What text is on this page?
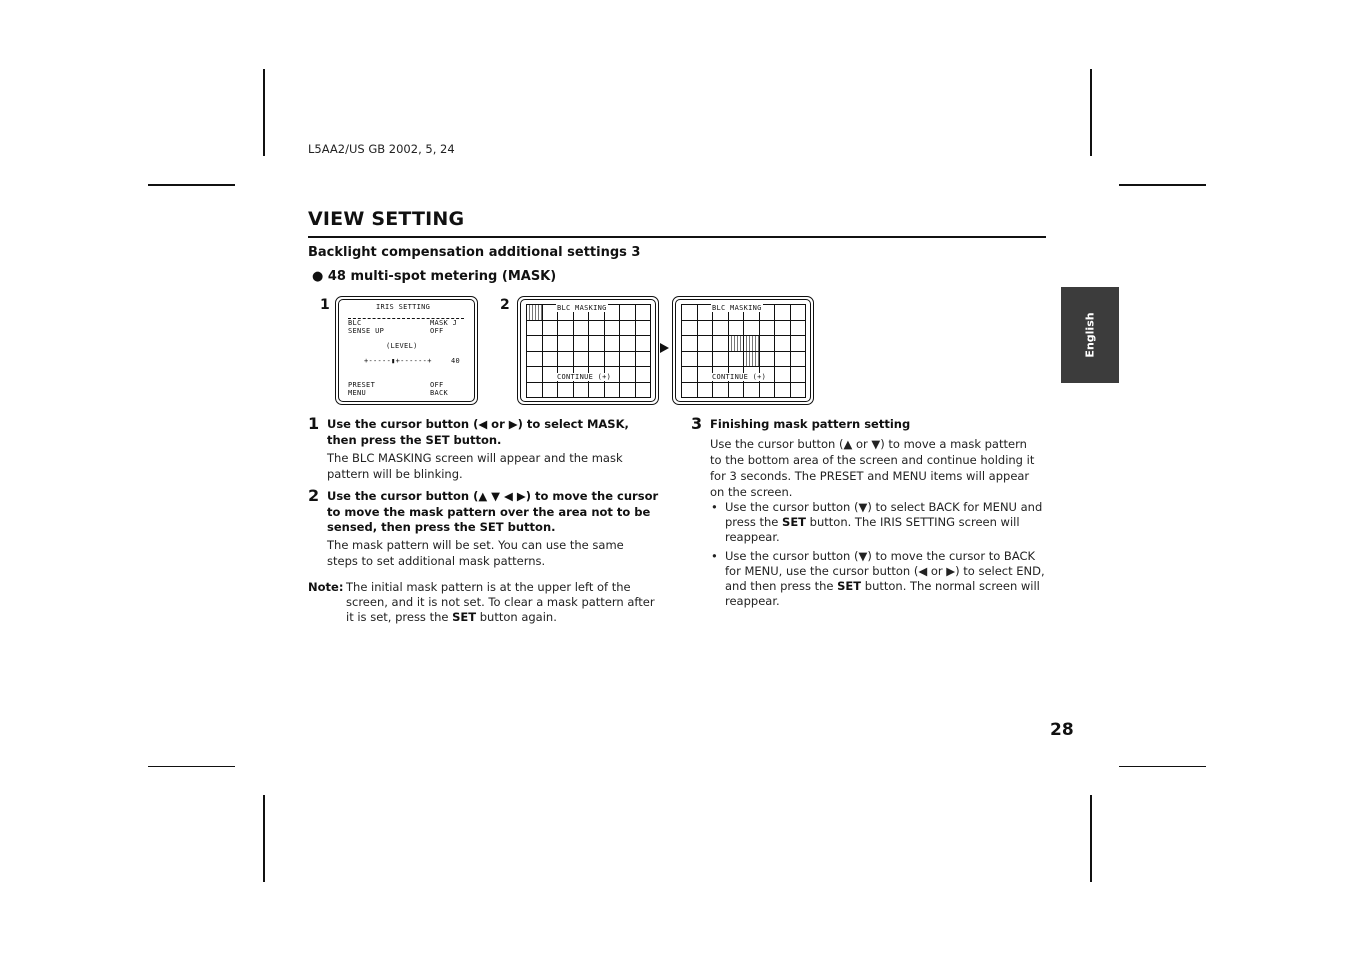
L5AA2/US GB 2002, 5, 24
VIEW SETTING
Backlight compensation additional settings 3
● 48 multi-spot metering (MASK)
English
1	IRIS SETTING
BLC	MASK J
SENSE UP	OFF
(LEVEL)
+-----▮+------+	40
PRESET	OFF
MENU	BACK
2	BLC MASKING
CONTINUE (+)
BLC MASKING
CONTINUE (+)
1 Use the cursor button (◀ or ▶) to select MASK, then press the SET button.
The BLC MASKING screen will appear and the mask pattern will be blinking.
2 Use the cursor button (▲ ▼ ◀ ▶) to move the cursor to move the mask pattern over the area not to be sensed, then press the SET button.
The mask pattern will be set. You can use the same steps to set additional mask patterns.
Note: The initial mask pattern is at the upper left of the screen, and it is not set. To clear a mask pattern after it is set, press the SET button again.
3 Finishing mask pattern setting
Use the cursor button (▲ or ▼) to move a mask pattern to the bottom area of the screen and continue holding it for 3 seconds. The PRESET and MENU items will appear on the screen.
• Use the cursor button (▼) to select BACK for MENU and press the SET button. The IRIS SETTING screen will reappear.
• Use the cursor button (▼) to move the cursor to BACK for MENU, use the cursor button (◀ or ▶) to select END, and then press the SET button. The normal screen will reappear.
28
